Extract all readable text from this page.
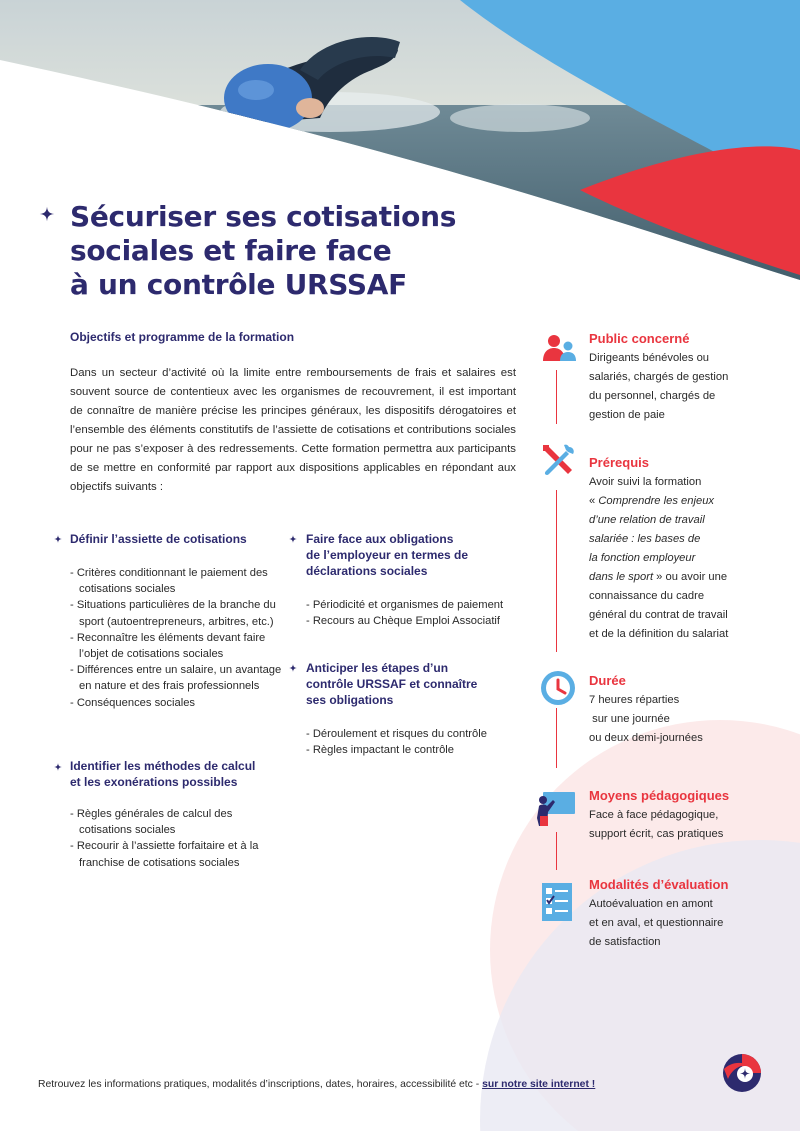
Sécuriser ses cotisations
sociales et faire face
à un contrôle URSSAF
Objectifs et programme de la formation

Dans un secteur d’activité où la limite entre remboursements de frais et salaires est souvent source de contentieux avec les organismes de recouvrement, il est important de connaître de manière précise les principes généraux, les dispositifs dérogatoires et l’ensemble des éléments constitutifs de l’assiette de cotisations et contributions sociales pour ne pas s’exposer à des redressements. Cette formation permettra aux participants de se mettre en conformité par rapport aux dispositions applicables en répondant aux objectifs suivants :

Définir l’assiette de cotisations
- Critères conditionnant le paiement des cotisations sociales
- Situations particulières de la branche du sport (autoentrepreneurs, arbitres, etc.)
- Reconnaître les éléments devant faire l’objet de cotisations sociales
- Différences entre un salaire, un avantage en nature et des frais professionnels
- Conséquences sociales
Identifier les méthodes de calcul
et les exonérations possibles
- Règles générales de calcul des cotisations sociales
- Recourir à l’assiette forfaitaire et à la franchise de cotisations sociales
Faire face aux obligations
de l’employeur en termes de
déclarations sociales
- Périodicité et organismes de paiement
- Recours au Chèque Emploi Associatif
Anticiper les étapes d’un
contrôle URSSAF et connaître
ses obligations
- Déroulement et risques du contrôle
- Règles impactant le contrôle
Public concerné
Dirigeants bénévoles ou
salariés, chargés de gestion
du personnel, chargés de
gestion de paie
Prérequis
Avoir suivi la formation
« Comprendre les enjeux
d’une relation de travail
salariée : les bases de
la fonction employeur
dans le sport » ou avoir une
connaissance du cadre
général du contrat de travail
et de la définition du salariat
Durée
7 heures réparties
sur une journée
ou deux demi-journées
Moyens pédagogiques
Face à face pédagogique,
support écrit, cas pratiques
Modalités d’évaluation
Autoévaluation en amont
et en aval, et questionnaire
de satisfaction
Retrouvez les informations pratiques, modalités d’inscriptions, dates, horaires, accessibilité etc - sur notre site internet !
